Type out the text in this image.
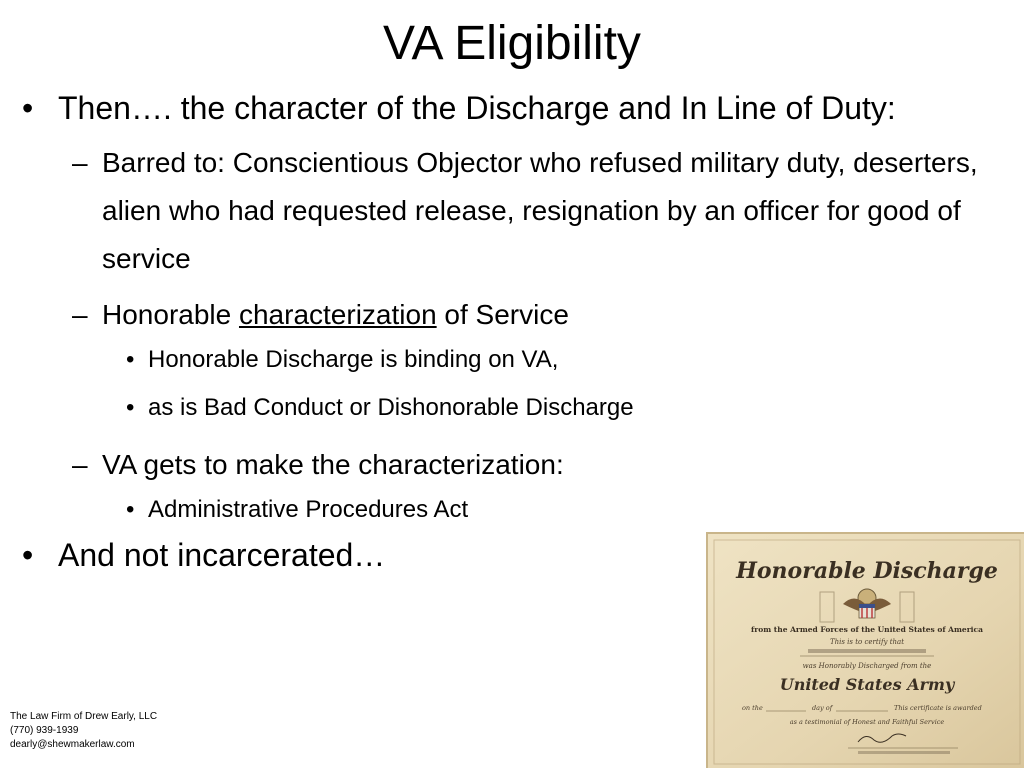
VA Eligibility
• Then…. the character of the Discharge and In Line of Duty:
– Barred to: Conscientious Objector who refused military duty, deserters, alien who had requested release, resignation by an officer for good of service
– Honorable characterization of Service
• Honorable Discharge is binding on VA,
• as is Bad Conduct or Dishonorable Discharge
– VA gets to make the characterization:
• Administrative Procedures Act
• And not incarcerated…
The Law Firm of Drew Early, LLC
(770) 939-1939
dearly@shewmakerlaw.com
Honorable Discharge
from the Armed Forces of the United States of America
This is to certify that
was Honorably Discharged from the
United States Army
on the	day of	This certificate is awarded
as a testimonial of Honest and Faithful Service
